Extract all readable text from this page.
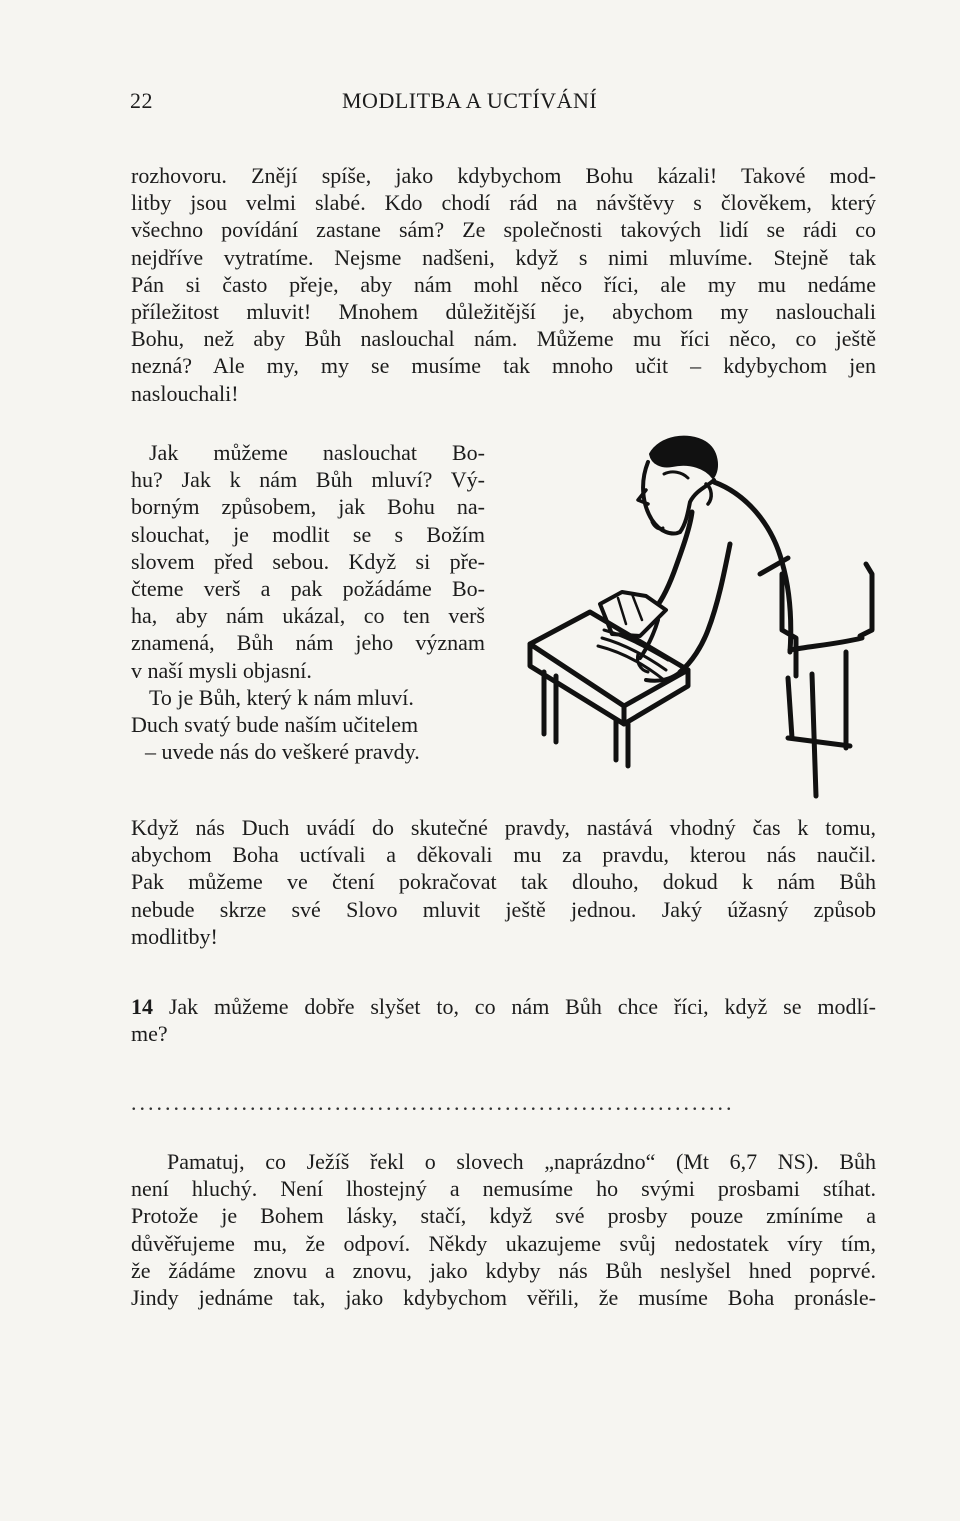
22	MODLITBA A UCTÍVÁNÍ
rozhovoru. Znějí spíše, jako kdybychom Bohu kázali! Takové mod-
litby jsou velmi slabé. Kdo chodí rád na návštěvy s člověkem, který
všechno povídání zastane sám? Ze společnosti takových lidí se rádi co
nejdříve vytratíme. Nejsme nadšeni, když s nimi mluvíme. Stejně tak
Pán si často přeje, aby nám mohl něco říci, ale my mu nedáme
příležitost mluvit! Mnohem důležitější je, abychom my naslouchali
Bohu, než aby Bůh naslouchal nám. Můžeme mu říci něco, co ještě
nezná? Ale my, my se musíme tak mnoho učit – kdybychom jen
naslouchali!
Jak můžeme naslouchat Bo-
hu? Jak k nám Bůh mluví? Vý-
borným způsobem, jak Bohu na-
slouchat, je modlit se s Božím
slovem před sebou. Když si pře-
čteme verš a pak požádáme Bo-
ha, aby nám ukázal, co ten verš
znamená, Bůh nám jeho význam
v naší mysli objasní.
To je Bůh, který k nám mluví.
Duch svatý bude naším učitelem
– uvede nás do veškeré pravdy.
Když nás Duch uvádí do skutečné pravdy, nastává vhodný čas k tomu,
abychom Boha uctívali a děkovali mu za pravdu, kterou nás naučil.
Pak můžeme ve čtení pokračovat tak dlouho, dokud k nám Bůh
nebude skrze své Slovo mluvit ještě jednou. Jaký úžasný způsob
modlitby!
14 Jak můžeme dobře slyšet to, co nám Bůh chce říci, když se modlí-
me?
.......................................................................
Pamatuj, co Ježíš řekl o slovech „naprázdno“ (Mt 6,7 NS). Bůh
není hluchý. Není lhostejný a nemusíme ho svými prosbami stíhat.
Protože je Bohem lásky, stačí, když své prosby pouze zmíníme a
důvěřujeme mu, že odpoví. Někdy ukazujeme svůj nedostatek víry tím,
že žádáme znovu a znovu, jako kdyby nás Bůh neslyšel hned poprvé.
Jindy jednáme tak, jako kdybychom věřili, že musíme Boha pronásle-
